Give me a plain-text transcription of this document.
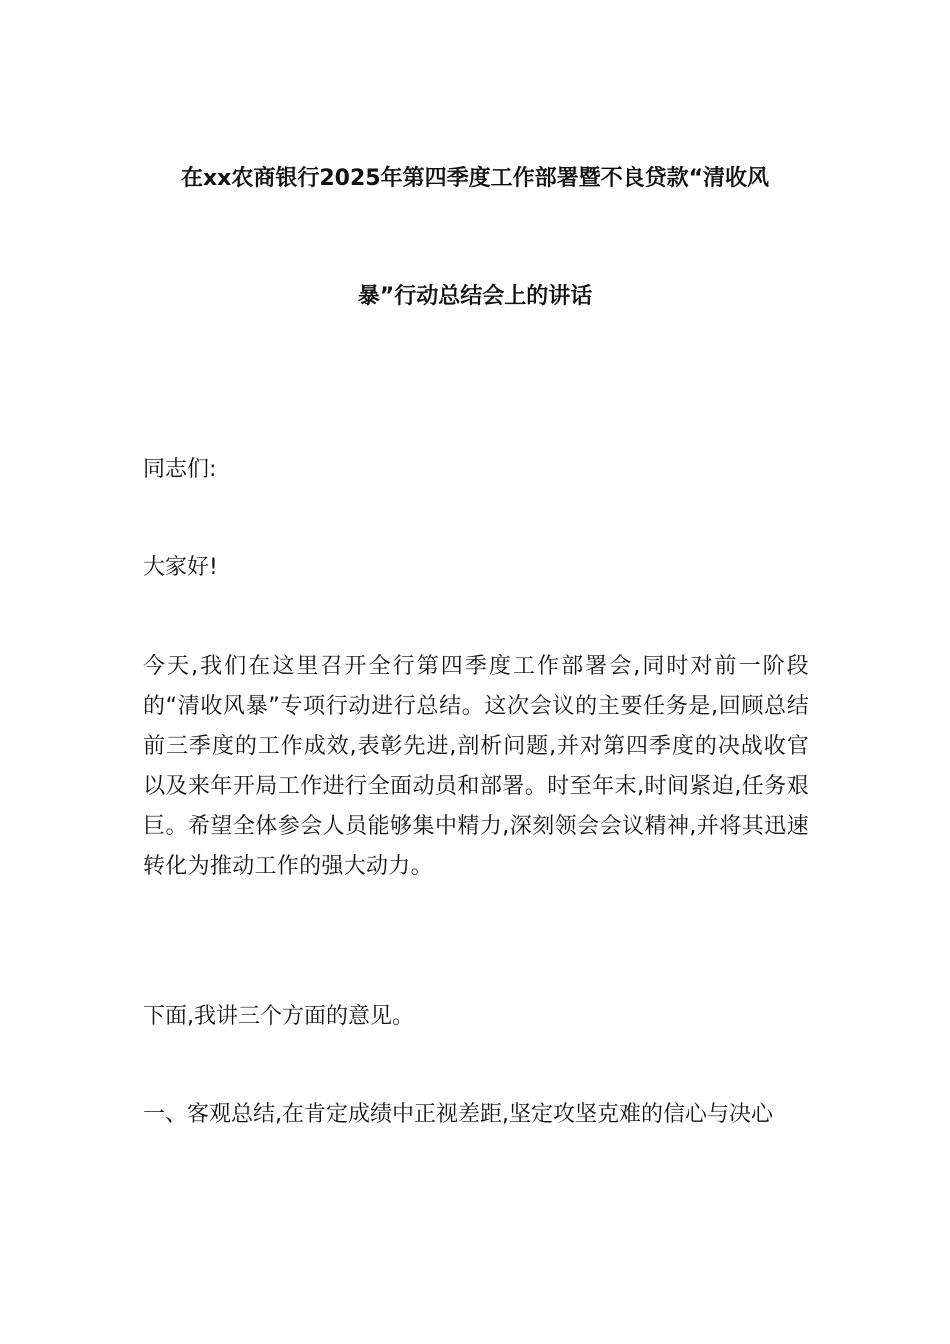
在xx农商银行2025年第四季度工作部署暨不良贷款“清收风
暴”行动总结会上的讲话

同志们:

大家好!

今天,我们在这里召开全行第四季度工作部署会,同时对前一阶段的“清收风暴”专项行动进行总结。这次会议的主要任务是,回顾总结前三季度的工作成效,表彰先进,剖析问题,并对第四季度的决战收官以及来年开局工作进行全面动员和部署。时至年末,时间紧迫,任务艰巨。希望全体参会人员能够集中精力,深刻领会会议精神,并将其迅速转化为推动工作的强大动力。

下面,我讲三个方面的意见。

一、客观总结,在肯定成绩中正视差距,坚定攻坚克难的信心与决心
